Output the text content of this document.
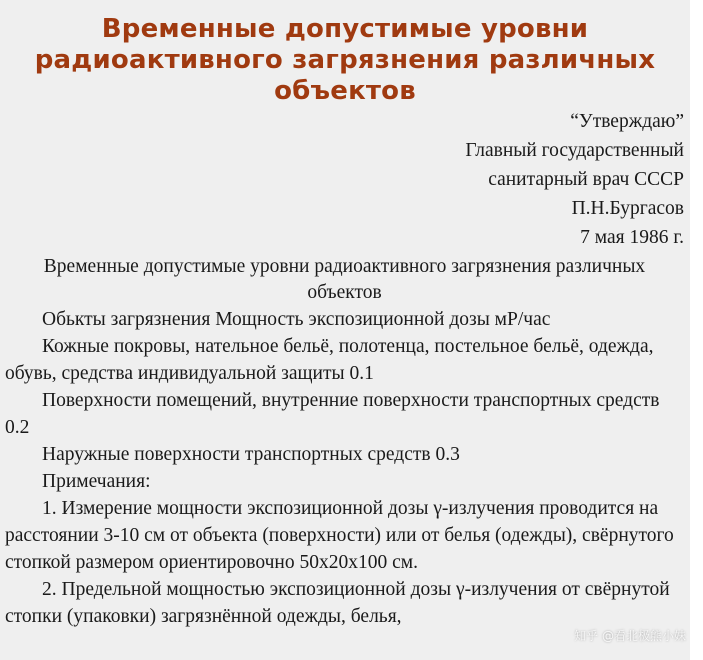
Временные допустимые уровни радиоактивного загрязнения различных объектов
“Утверждаю”
Главный государственный
санитарный врач СССР
П.Н.Бургасов
7 мая 1986 г.
Временные допустимые уровни радиоактивного загрязнения различных объектов

Обькты загрязнения Мощность экспозиционной дозы мР/час

Кожные покровы, нательное бельё, полотенца, постельное бельё, одежда, обувь, средства индивидуальной защиты 0.1

Поверхности помещений, внутренние поверхности транспортных средств 0.2

Наружные поверхности транспортных средств 0.3

Примечания:

1. Измерение мощности экспозиционной дозы γ-излучения проводится на расстоянии 3-10 см от объекта (поверхности) или от белья (одежды), свёрнутого стопкой размером ориентировочно 50х20х100 см.

2. Предельной мощностью экспозиционной дозы γ-излучения от свёрнутой стопки (упаковки) загрязнённой одежды, белья,

知乎 @看北极熊小妹
